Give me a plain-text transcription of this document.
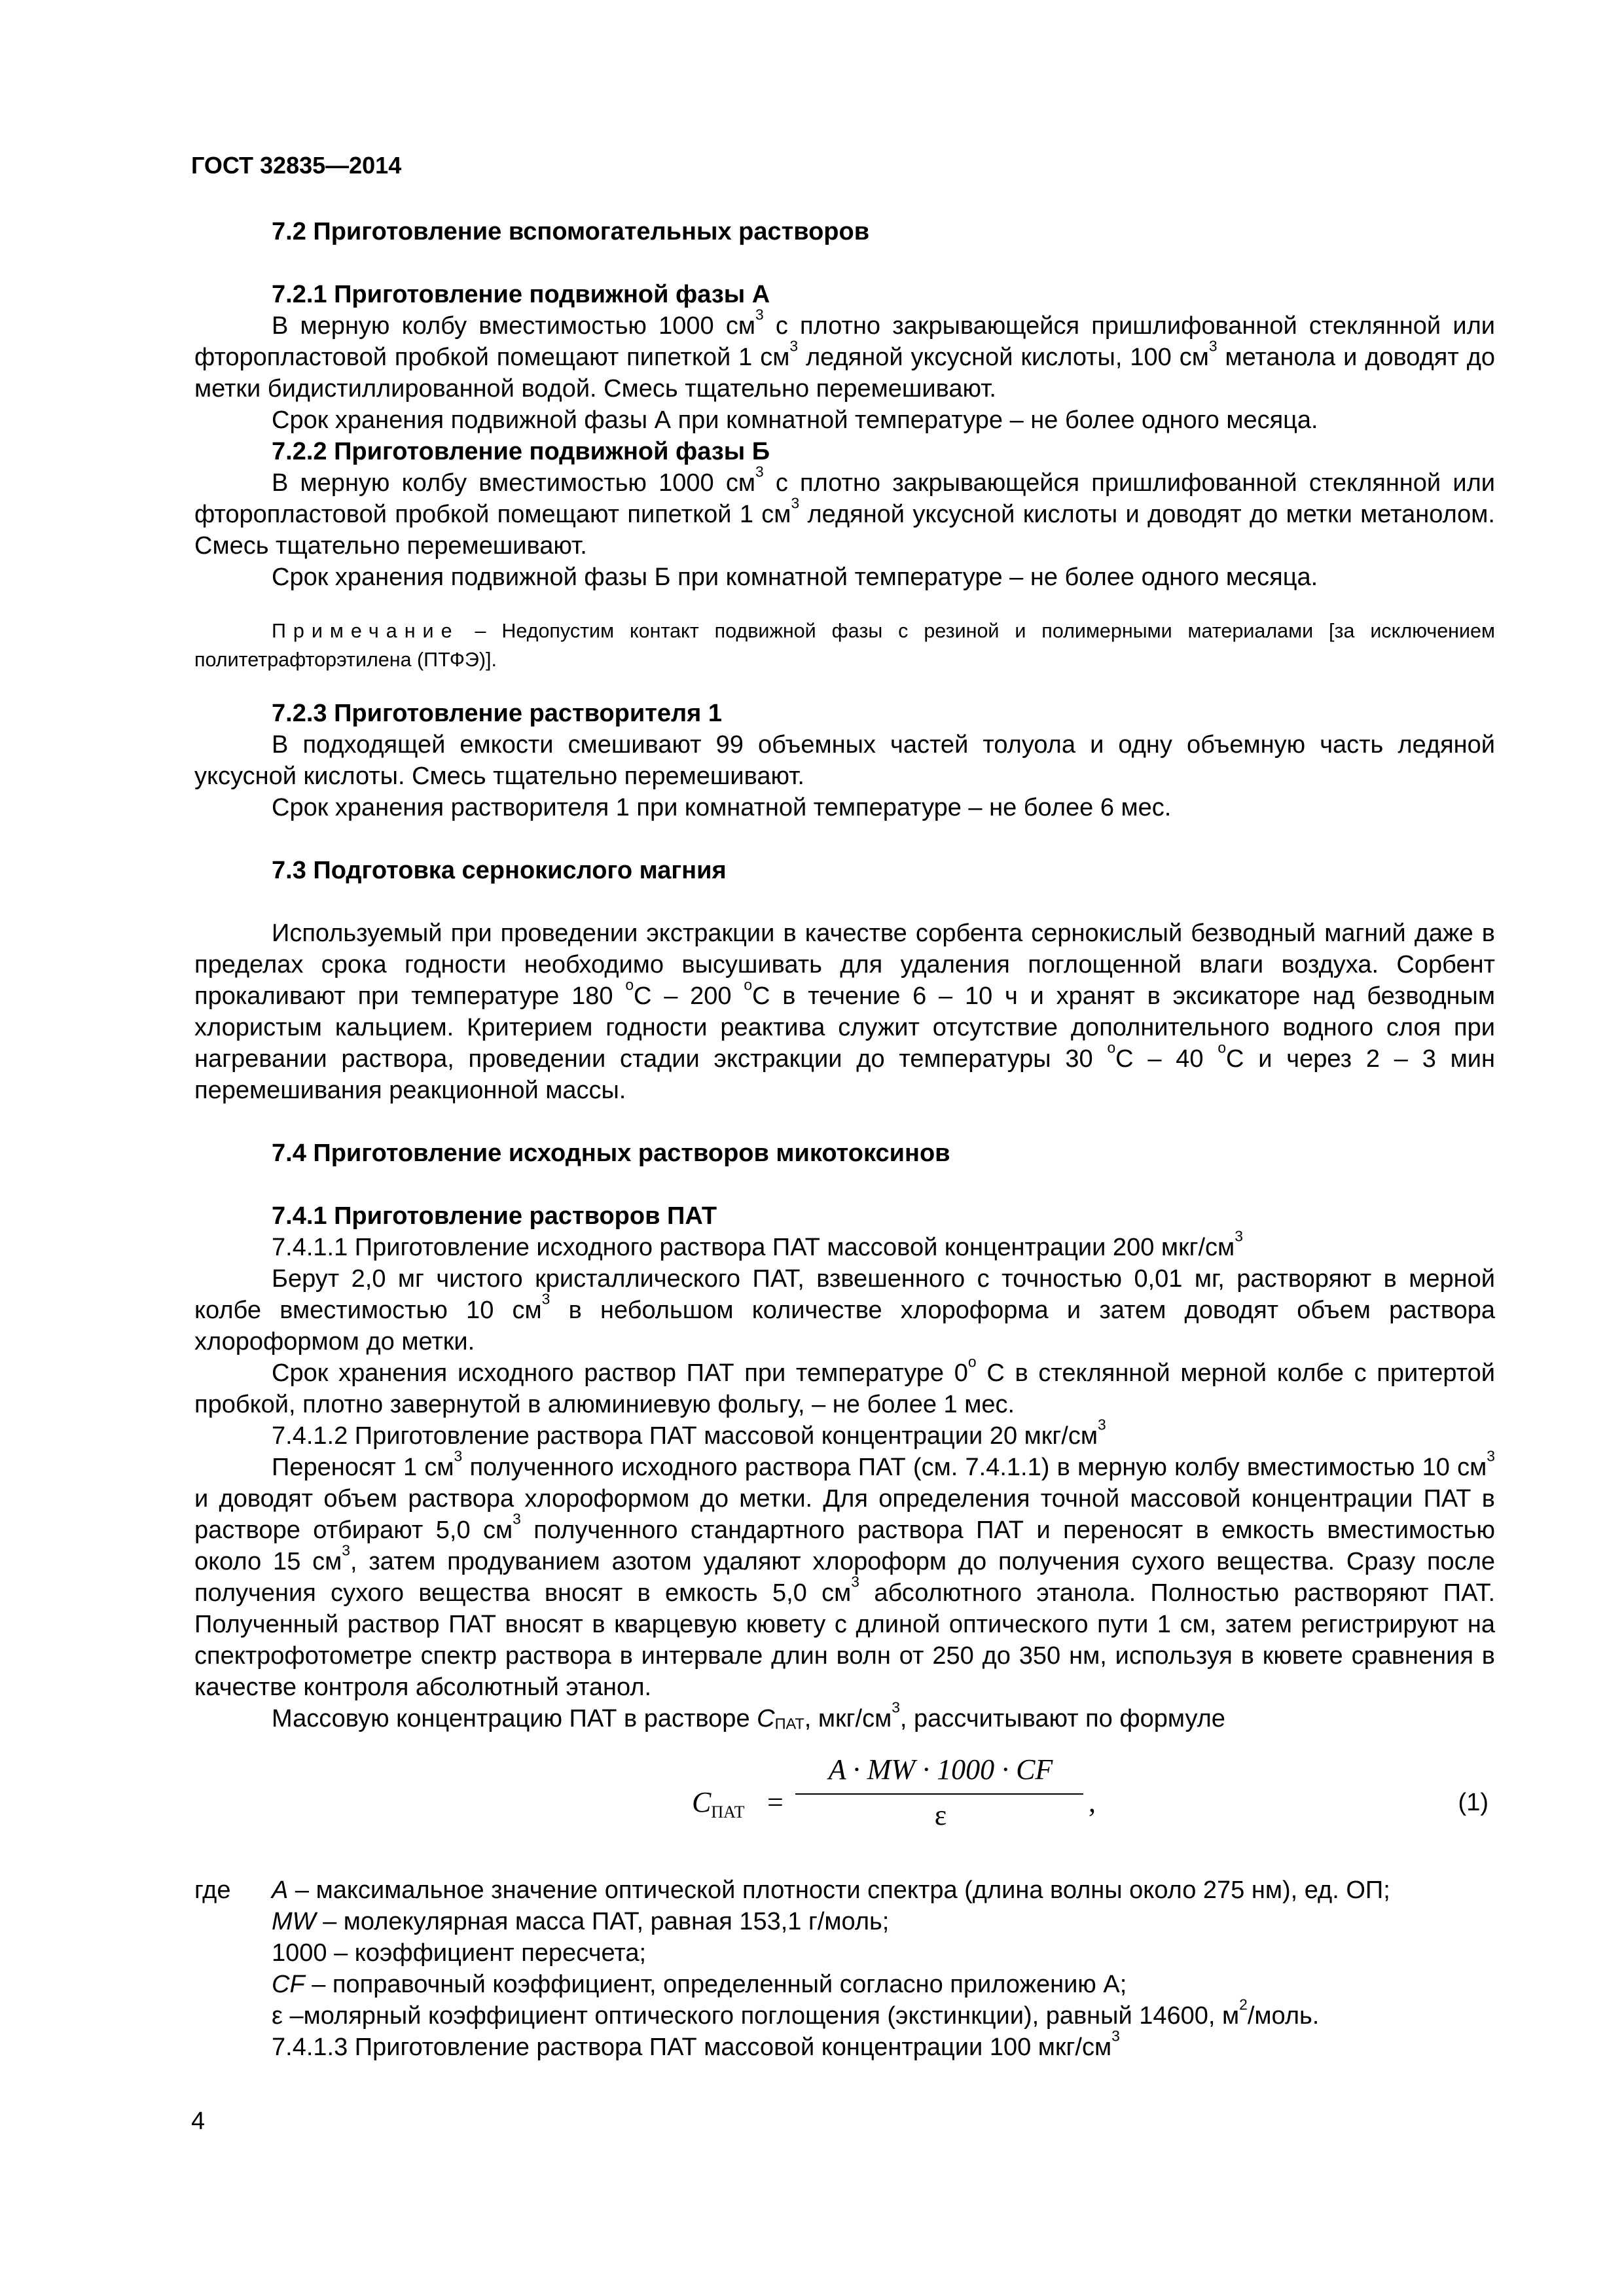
ГОСТ 32835—2014

7.2 Приготовление вспомогательных растворов

7.2.1 Приготовление подвижной фазы А

В мерную колбу вместимостью 1000 $см^3$ с плотно закрывающейся пришлифованной стеклянной или фторопластовой пробкой помещают пипеткой 1 $см^3$ ледяной уксусной кислоты, 100 $см^3$ метанола и доводят до метки бидистиллированной водой. Смесь тщательно перемешивают.

Срок хранения подвижной фазы А при комнатной температуре – не более одного месяца.

7.2.2 Приготовление подвижной фазы Б

В мерную колбу вместимостью 1000 $см^3$ с плотно закрывающейся пришлифованной стеклянной или фторопластовой пробкой помещают пипеткой 1 $см^3$ ледяной уксусной кислоты и доводят до метки метанолом. Смесь тщательно перемешивают.

Срок хранения подвижной фазы Б при комнатной температуре – не более одного месяца.

Примечание – Недопустим контакт подвижной фазы с резиной и полимерными материалами [за исключением политетрафторэтилена (ПТФЭ)].

7.2.3 Приготовление растворителя 1

В подходящей емкости смешивают 99 объемных частей толуола и одну объемную часть ледяной уксусной кислоты. Смесь тщательно перемешивают.

Срок хранения растворителя 1 при комнатной температуре – не более 6 мес.

7.3 Подготовка сернокислого магния

Используемый при проведении экстракции в качестве сорбента сернокислый безводный магний даже в пределах срока годности необходимо высушивать для удаления поглощенной влаги воздуха. Сорбент прокаливают при температуре 180 $^о$С – 200 $^о$С в течение 6 – 10 ч и хранят в эксикаторе над безводным хлористым кальцием. Критерием годности реактива служит отсутствие дополнительного водного слоя при нагревании раствора, проведении стадии экстракции до температуры 30 $^о$С – 40 $^о$С и через 2 – 3 мин перемешивания реакционной массы.

7.4 Приготовление исходных растворов микотоксинов

7.4.1 Приготовление растворов ПАТ

7.4.1.1 Приготовление исходного раствора ПАТ массовой концентрации 200 мкг/$см^3$

Берут 2,0 мг чистого кристаллического ПАТ, взвешенного с точностью 0,01 мг, растворяют в мерной колбе вместимостью 10 $см^3$ в небольшом количестве хлороформа и затем доводят объем раствора хлороформом до метки.

Срок хранения исходного раствор ПАТ при температуре $0^о$ С в стеклянной мерной колбе с притертой пробкой, плотно завернутой в алюминиевую фольгу, – не более 1 мес.

7.4.1.2 Приготовление раствора ПАТ массовой концентрации 20 мкг/$см^3$

Переносят 1 $см^3$ полученного исходного раствора ПАТ (см. 7.4.1.1) в мерную колбу вместимостью 10 $см^3$ и доводят объем раствора хлороформом до метки. Для определения точной массовой концентрации ПАТ в растворе отбирают 5,0 $см^3$ полученного стандартного раствора ПАТ и переносят в емкость вместимостью около 15 $см^3$, затем продуванием азотом удаляют хлороформ до получения сухого вещества. Сразу после получения сухого вещества вносят в емкость 5,0 $см^3$ абсолютного этанола. Полностью растворяют ПАТ. Полученный раствор ПАТ вносят в кварцевую кювету с длиной оптического пути 1 см, затем регистрируют на спектрофотометре спектр раствора в интервале длин волн от 250 до 350 нм, используя в кювете сравнения в качестве контроля абсолютный этанол.

Массовую концентрацию ПАТ в растворе $C_{ПАТ}$, мкг/$см^3$, рассчитывают по формуле

$C_{ПАТ}$ =
A · MW · 1000 · CF
ε	,	(1)
где A – максимальное значение оптической плотности спектра (длина волны около 275 нм), ед. ОП;

MW – молекулярная масса ПАТ, равная 153,1 г/моль;

1000 – коэффициент пересчета;

CF – поправочный коэффициент, определенный согласно приложению А;

ε –молярный коэффициент оптического поглощения (экстинкции), равный 14600, $м^2$/моль.

7.4.1.3 Приготовление раствора ПАТ массовой концентрации 100 мкг/$см^3$

4
